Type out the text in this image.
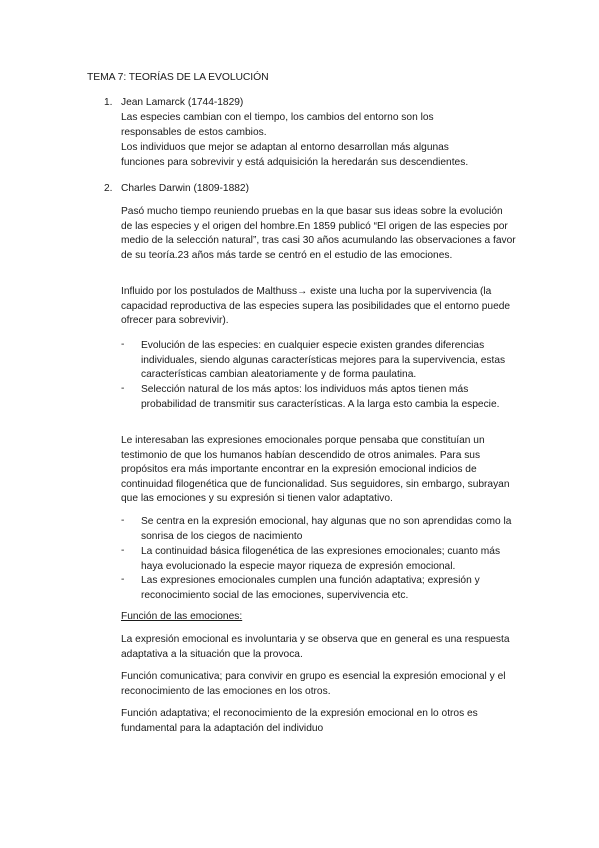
TEMA 7: TEORÍAS DE LA EVOLUCIÓN
1. Jean Lamarck (1744-1829)
Las especies cambian con el tiempo, los cambios del entorno son los
responsables de estos cambios.
Los individuos que mejor se adaptan al entorno desarrollan más algunas
funciones para sobrevivir y está adquisición la heredarán sus descendientes.
2. Charles Darwin (1809-1882)
Pasó mucho tiempo reuniendo pruebas en la que basar sus ideas sobre la evolución de las especies y el origen del hombre.En 1859 publicó “El origen de las especies por medio de la selección natural”, tras casi 30 años acumulando las observaciones a favor de su teoría.23 años más tarde se centró en el estudio de las emociones.
Influido por los postulados de Malthuss→ existe una lucha por la supervivencia (la capacidad reproductiva de las especies supera las posibilidades que el entorno puede ofrecer para sobrevivir).
- Evolución de las especies: en cualquier especie existen grandes diferencias individuales, siendo algunas características mejores para la supervivencia, estas características cambian aleatoriamente y de forma paulatina.
- Selección natural de los más aptos: los individuos más aptos tienen más probabilidad de transmitir sus características. A la larga esto cambia la especie.
Le interesaban las expresiones emocionales porque pensaba que constituían un testimonio de que los humanos habían descendido de otros animales. Para sus propósitos era más importante encontrar en la expresión emocional indicios de continuidad filogenética que de funcionalidad. Sus seguidores, sin embargo, subrayan que las emociones y su expresión si tienen valor adaptativo.
- Se centra en la expresión emocional, hay algunas que no son aprendidas como la sonrisa de los ciegos de nacimiento
- La continuidad básica filogenética de las expresiones emocionales; cuanto más haya evolucionado la especie mayor riqueza de expresión emocional.
- Las expresiones emocionales cumplen una función adaptativa; expresión y reconocimiento social de las emociones, supervivencia etc.
Función de las emociones:
La expresión emocional es involuntaria y se observa que en general es una respuesta adaptativa a la situación que la provoca.
Función comunicativa; para convivir en grupo es esencial la expresión emocional y el reconocimiento de las emociones en los otros.
Función adaptativa; el reconocimiento de la expresión emocional en lo otros es fundamental para la adaptación del individuo
